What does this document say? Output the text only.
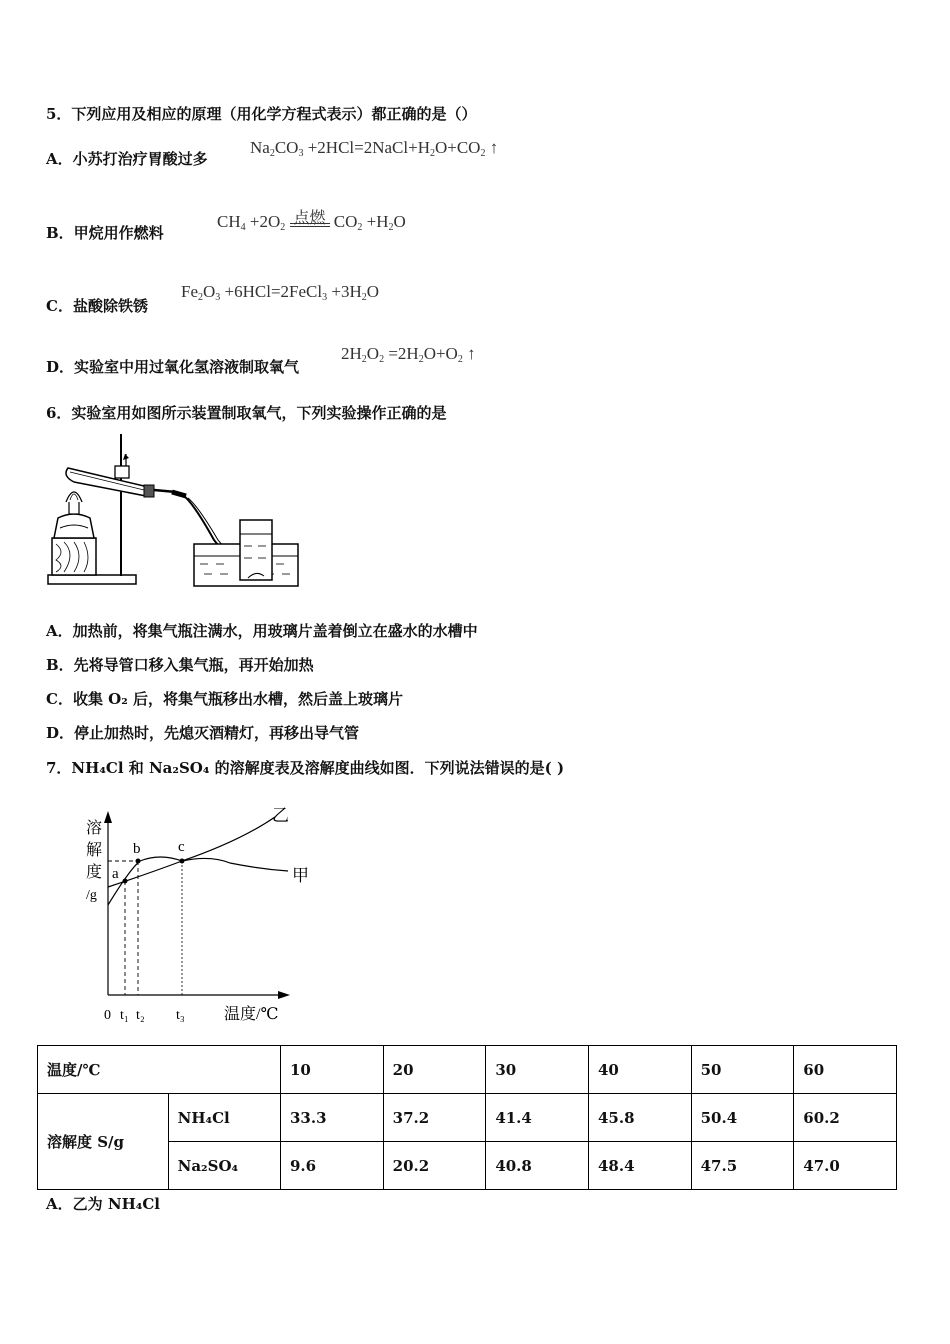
5．下列应用及相应的原理（用化学方程式表示）都正确的是（）
A．小苏打治疗胃酸过多
$Na_2CO_3$ $+2HCl=2NaCl+H_2O+CO_2$ ↑
B．甲烷用作燃料
$CH_4 +2O_2$
点燃 $CO_2 +H_2O$
C．盐酸除铁锈
$Fe_2O_3$ +6HCl=2FeCl$_3$ $+3H_2O$
D．实验室中用过氧化氢溶液制取氧气
$2H_2O_2 =2H_2O+O_2$ ↑
6．实验室用如图所示装置制取氧气，下列实验操作正确的是
A．加热前，将集气瓶注满水，用玻璃片盖着倒立在盛水的水槽中
B．先将导管口移入集气瓶，再开始加热
C．收集 O₂ 后，将集气瓶移出水槽，然后盖上玻璃片
D．停止加热时，先熄灭酒精灯，再移出导气管
7．NH₄Cl 和 Na₂SO₄ 的溶解度表及溶解度曲线如图．下列说法错误的是( )
溶
解
度
/g
a
b	c
乙
甲
0 t₁ t₂ t₃ 温度/℃
温度/℃		10	20	30	40	50	60
溶解度 S/g	NH₄Cl	33.3	37.2	41.4	45.8	50.4	60.2
	Na₂SO₄	9.6	20.2	40.8	48.4	47.5	47.0
A．乙为 NH₄Cl
